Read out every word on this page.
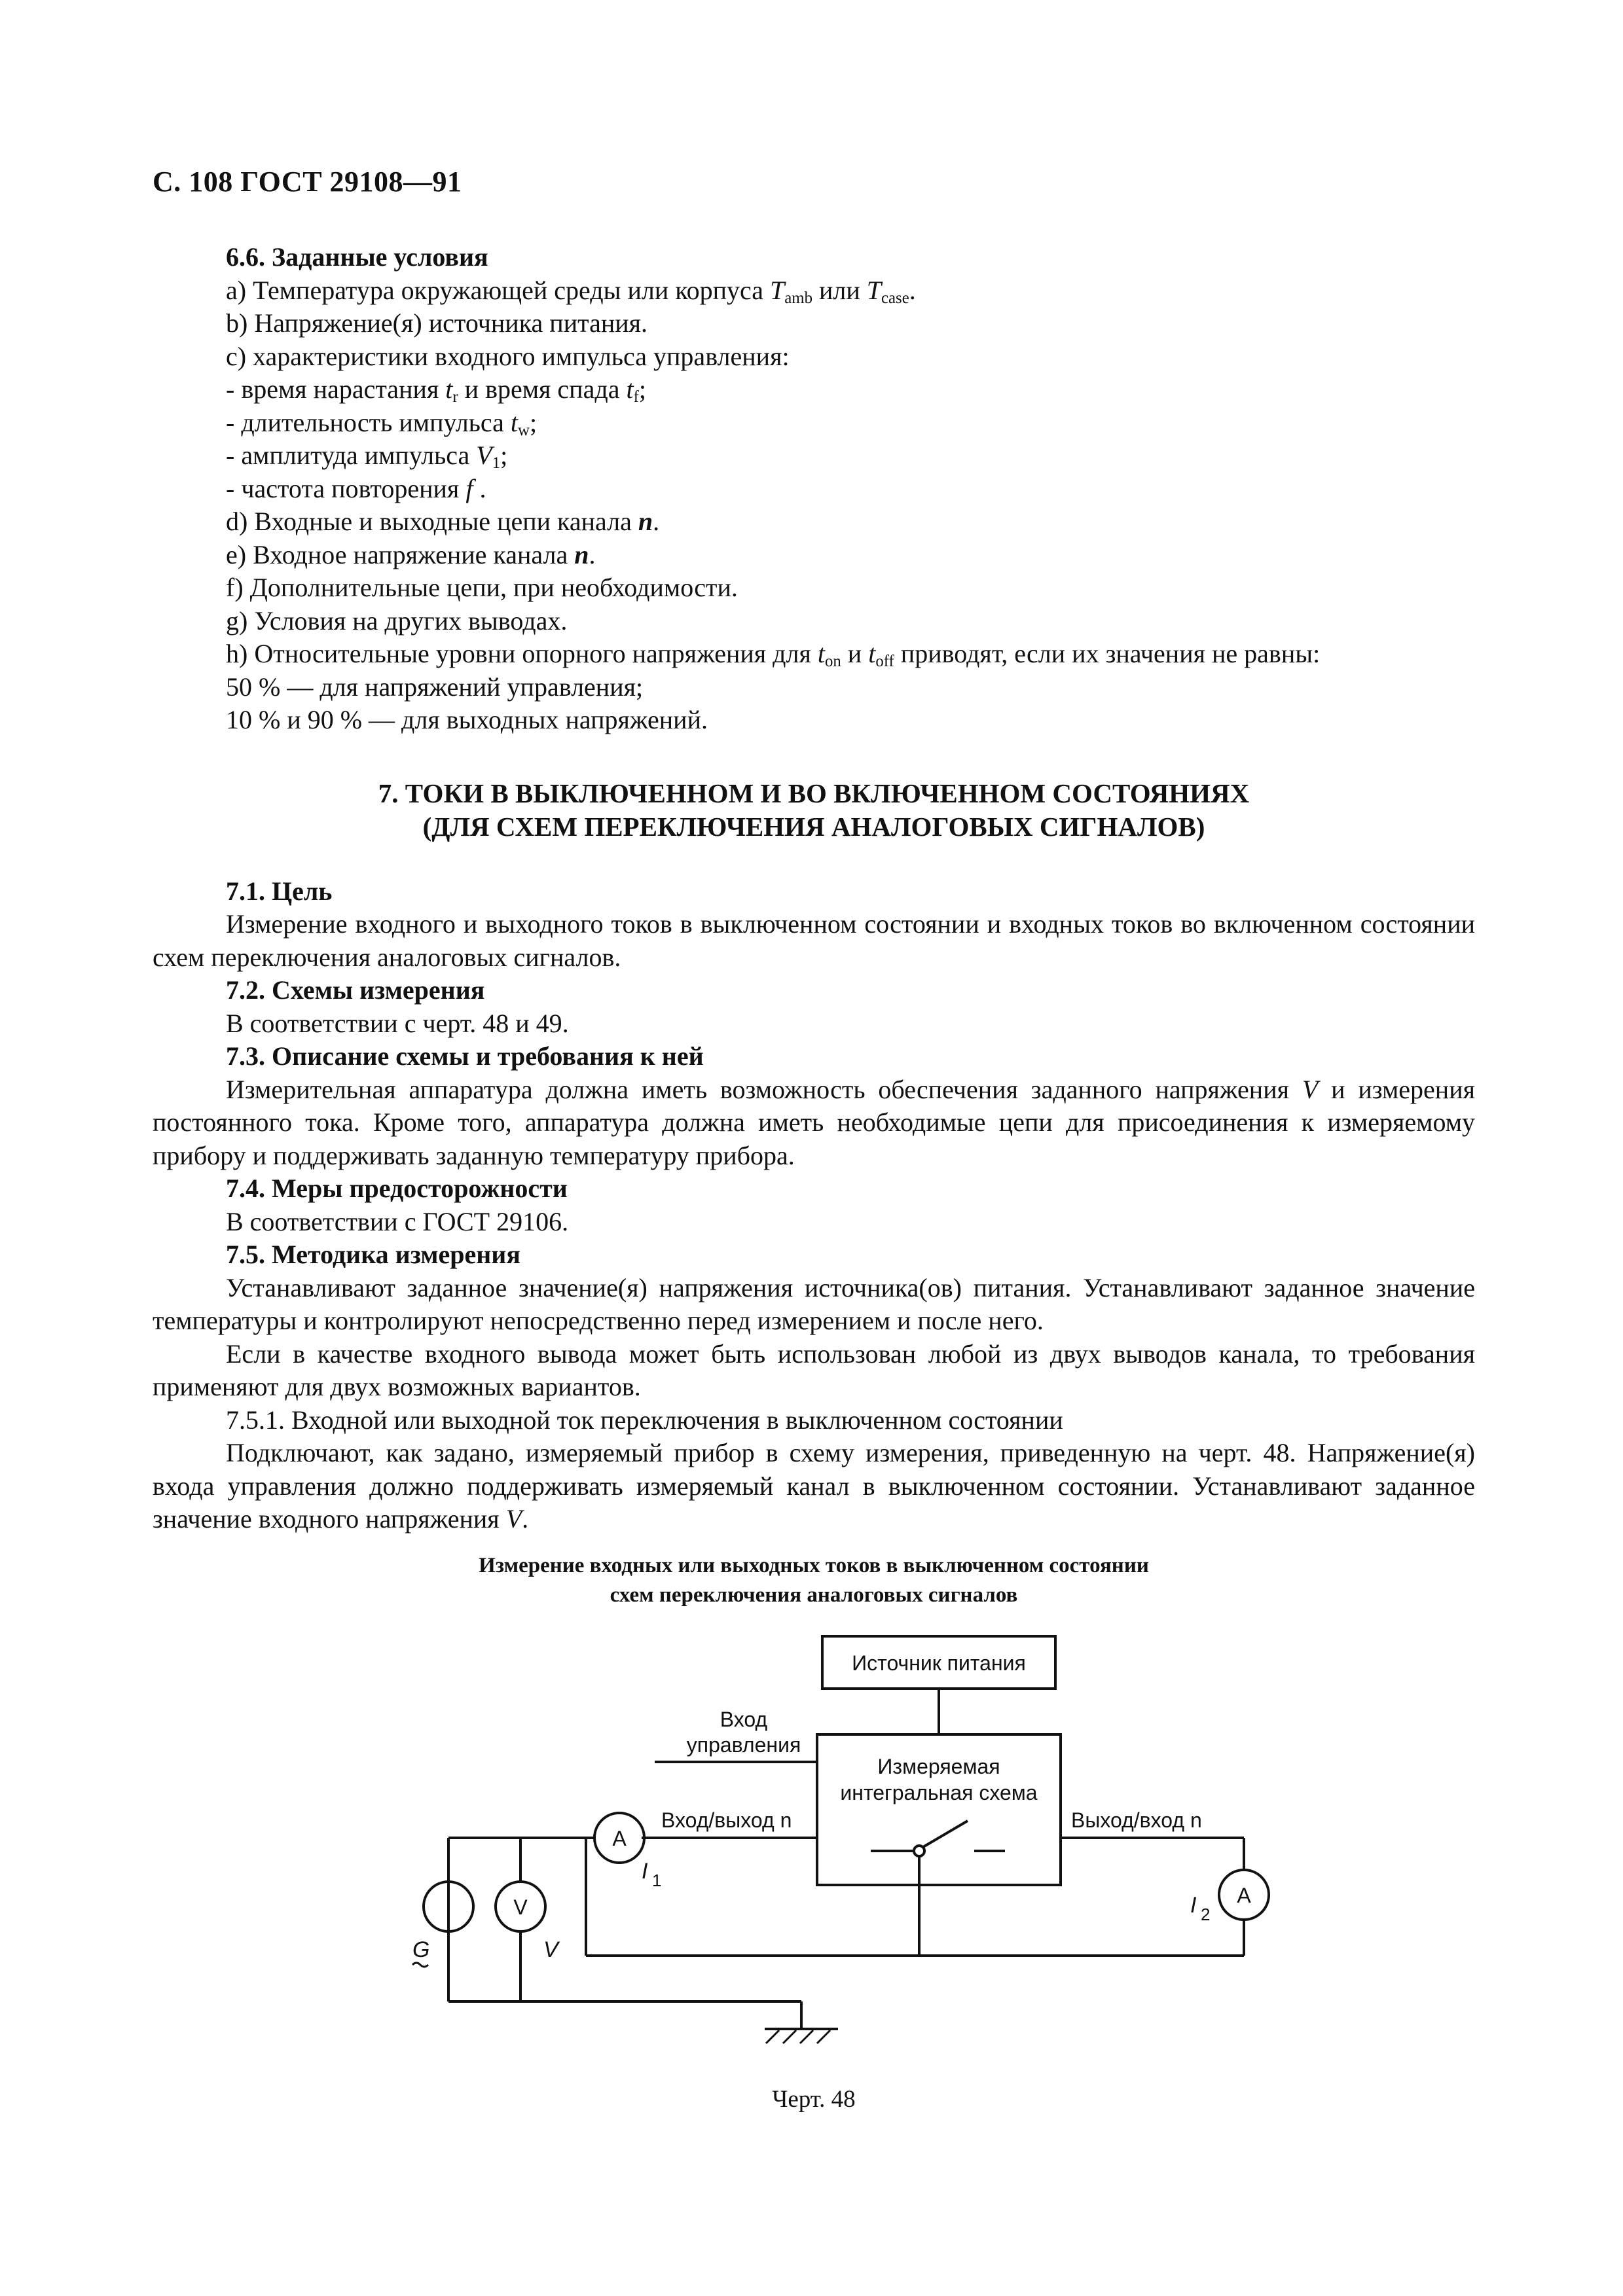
С. 108 ГОСТ 29108—91

6.6. Заданные условия

а) Температура окружающей среды или корпуса $T_{amb}$ или $T_{case}$.

b) Напряжение(я) источника питания.

с) характеристики входного импульса управления:

- время нарастания $t_r$ и время спада $t_f$;

- длительность импульса $t_w$;

- амплитуда импульса $V_1$;

- частота повторения f .

d) Входные и выходные цепи канала n.

е) Входное напряжение канала n.

f) Дополнительные цепи, при необходимости.

g) Условия на других выводах.

h) Относительные уровни опорного напряжения для $t_{on}$ и $t_{off}$ приводят, если их значения не равны:

50 % — для напряжений управления;

10 % и 90 % — для выходных напряжений.

7. ТОКИ В ВЫКЛЮЧЕННОМ И ВО ВКЛЮЧЕННОМ СОСТОЯНИЯХ
(ДЛЯ СХЕМ ПЕРЕКЛЮЧЕНИЯ АНАЛОГОВЫХ СИГНАЛОВ)

7.1. Цель

Измерение входного и выходного токов в выключенном состоянии и входных токов во включенном состоянии схем переключения аналоговых сигналов.

7.2. Схемы измерения

В соответствии с черт. 48 и 49.

7.3. Описание схемы и требования к ней

Измерительная аппаратура должна иметь возможность обеспечения заданного напряжения V и измерения постоянного тока. Кроме того, аппаратура должна иметь необходимые цепи для присоединения к измеряемому прибору и поддерживать заданную температуру прибора.

7.4. Меры предосторожности

В соответствии с ГОСТ 29106.

7.5. Методика измерения

Устанавливают заданное значение(я) напряжения источника(ов) питания. Устанавливают заданное значение температуры и контролируют непосредственно перед измерением и после него.

Если в качестве входного вывода может быть использован любой из двух выводов канала, то требования применяют для двух возможных вариантов.

7.5.1. Входной или выходной ток переключения в выключенном состоянии

Подключают, как задано, измеряемый прибор в схему измерения, приведенную на черт. 48. Напряжение(я) входа управления должно поддерживать измеряемый канал в выключенном состоянии. Устанавливают заданное значение входного напряжения V.

Измерение входных или выходных токов в выключенном состоянии

схем переключения аналоговых сигналов

Источник питания
Вход
управления
Измеряемая
интегральная схема
Вход/выход n	Выход/вход n
A
A
V
I 1
I 2
G	V
Черт. 48
